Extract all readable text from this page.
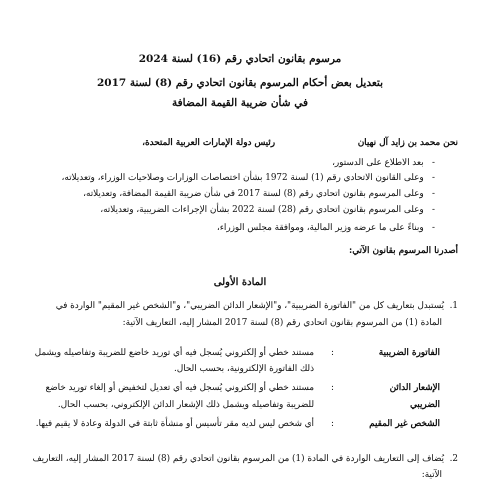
مرسوم بقانون اتحادي رقم (16) لسنة 2024
بتعديل بعض أحكام المرسوم بقانون اتحادي رقم (8) لسنة 2017
في شأن ضريبة القيمة المضافة
نحن محمد بن زايد آل نهيان
رئيس دولة الإمارات العربية المتحدة،
-   بعد الاطلاع على الدستور،
-   وعلى القانون الاتحادي رقم (1) لسنة 1972 بشأن اختصاصات الوزارات وصلاحيات الوزراء، وتعديلاته،
-   وعلى المرسوم بقانون اتحادي رقم (8) لسنة 2017 في شأن ضريبة القيمة المضافة، وتعديلاته،
-   وعلى المرسوم بقانون اتحادي رقم (28) لسنة 2022 بشأن الإجراءات الضريبية، وتعديلاته،
-   وبناءً على ما عرضه وزير المالية، وموافقة مجلس الوزراء،
أصدرنا المرسوم بقانون الآتي:
المادة الأولى
1.  يُستبدل بتعاريف كل من "الفاتورة الضريبية"، و"الإشعار الدائن الضريبي"، و"الشخص غير المقيم" الواردة في
المادة (1) من المرسوم بقانون اتحادي رقم (8) لسنة 2017 المشار إليه، التعاريف الآتية:
الفاتورة الضريبية
:
مستند خطي أو إلكتروني يُسجل فيه أي توريد خاضع للضريبة وتفاصيله ويشمل
ذلك الفاتورة الإلكترونية، بحسب الحال.
الإشعار الدائن
الضريبي
:
مستند خطي أو إلكتروني يُسجل فيه أي تعديل لتخفيض أو إلغاء توريد خاضع
للضريبة وتفاصيله ويشمل ذلك الإشعار الدائن الإلكتروني، بحسب الحال.
الشخص غير المقيم
:
أي شخص ليس لديه مقر تأسيس أو منشأة ثابتة في الدولة وعادة لا يقيم فيها.
2.  يُضاف إلى التعاريف الواردة في المادة (1) من المرسوم بقانون اتحادي رقم (8) لسنة 2017 المشار إليه، التعاريف
الآتية:
